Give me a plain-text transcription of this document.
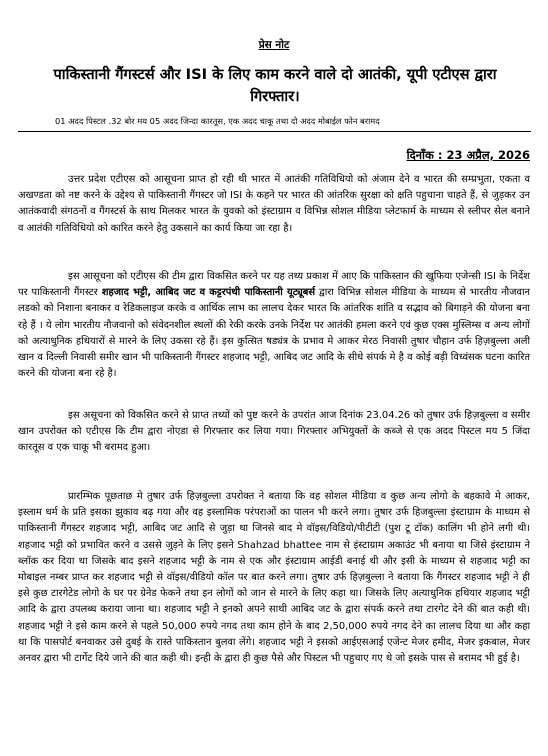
प्रेस नोट
पाकिस्तानी गैंगस्टर्स और ISI के लिए काम करने वाले दो आतंकी, यूपी एटीएस द्वारा गिरफ्तार।
01 अदद पिस्टल .32 बोर मय 05 अदद जिन्दा कारतूस, एक अदद चाकू तथा दो अदद मोबाईल फोन बरामद
दिनाँक : 23 अप्रैल, 2026

उत्तर प्रदेश एटीएस को आसूचना प्राप्त हो रही थी भारत में आतंकी गतिविधियो को अंजाम देने व भारत की सम्प्रभुता, एकता व अखण्डता को नष्ट करने के उद्देश्य से पाकिस्तानी गैंगस्टर जो ISI के कहने पर भारत की आंतरिक सुरक्षा को क्षति पहुचाना चाहते हैं, से जुड़कर उन आतंकवादी संगठनों व गैंगस्टर्स के साथ मिलकर भारत के युवको को इंस्टाग्राम व विभिन्न सोशल मीडिया प्लेटफार्म के माध्यम से स्लीपर सेल बनाने व आतंकी गतिविधियो को कारित करने हेतु उकसाने का कार्य किया जा रहा है।

इस आसूचना को एटीएस की टीम द्वारा विकसित करने पर यह तथ्य प्रकाश में आए कि पाकिस्तान की खुफिया एजेन्सी ISI के निर्देश पर पाकिस्तानी गैंगस्टर शहजाद भट्टी, आबिद जट व कट्टरपंथी पाकिस्तानी यूट्यूबर्स द्वारा विभिन्न सोशल मीडिया के माध्यम से भारतीय नौजवान लडको को निशाना बनाकर व रेडिकलाइज करके व आर्थिक लाभ का लालच देकर भारत कि आंतरिक शांति व सद्भाव को बिगाड़ने की योजना बना रहे हैं । ये लोग भारतीय नौजवानो को संवेदनशील स्थलों की रेकी करके उनके निर्देश पर आतंकी हमला करने एवं कुछ एक्स मुस्लिम्स व अन्य लोगों को अत्याधुनिक हथियारों से मारने के लिए उकसा रहे हैं। इस कुत्सित षड्यंत्र के प्रभाव मे आकर मेरठ निवासी तुषार चौहान उर्फ हिज़बुल्ला अली खान व दिल्ली निवासी समीर खान भी पाकिस्तानी गैंगस्टर शहजाद भट्टी, आबिद जट आदि के सीधे संपर्क मे है व कोई बड़ी विध्वंसक घटना कारित करने की योजना बना रहे है।

इस असूचना को विकसित करने से प्राप्त तथ्यों को पुष्ट करने के उपरांत आज दिनांक 23.04.26 को तुषार उर्फ हिज़बुल्ला व समीर खान उपरोक्त को एटीएस कि टीम द्वारा नोएडा से गिरफ्तार कर लिया गया। गिरफ्तार अभियुक्तों के कब्जे से एक अदद पिस्टल मय 5 जिंदा कारतूस व एक चाकू भी बरामद हुआ।

प्रारम्भिक पूछताछ मे तुषार उर्फ हिज़बुल्ला उपरोक्त ने बताया कि वह सोशल मीडिया व कुछ अन्य लोगो के बहकावे मे आकर, इस्लाम धर्म के प्रति इसका झुकाव बढ़ गया और वह इस्लामिक परंपराओं का पालन भी करने लगा। तुषार उर्फ हिजबुल्ला इंस्टाग्राम के माध्यम से पाकिस्तानी गैंगस्टर शहजाद भट्टी, आबिद जट आदि से जुड़ा था जिनसे बाद मे वॉइस/विडियो/पीटीटी (पुश टू टॉक) कालिंग भी होने लगी थी। शहजाद भट्टी को प्रभावित करने व उससे जुड़ने के लिए इसने Shahzad bhattee नाम से इंस्टाग्राम अकाउंट भी बनाया था जिसे इंस्टाग्राम ने ब्लॉक कर दिया था जिसके बाद इसने शहजाद भट्टी के नाम से एक और इंस्टाग्राम आईडी बनाई थी और इसी के माध्यम से शहजाद भट्टी का मोबाइल नम्बर प्राप्त कर शहजाद भट्टी से वॉइस/वीडियो कॉल पर बात करने लगा। तुषार उर्फ हिज़बुल्ला ने बताया कि गैंगस्टर शहजाद भट्टी ने ही इसे कुछ टारगेटेड लोगो के घर पर ग्रेनेड फेकने तथा इन लोगों को जान से मारने के लिए कहा था। जिसके लिए अत्याधुनिक हथियार शहजाद भट्टी आदि के द्वारा उपलब्ध कराया जाना था। शहजाद भट्टी ने इनको अपने साथी आबिद जट के द्वारा संपर्क करने तथा टारगेट देने की बात कही थी। शहजाद भट्टी ने इसे काम करने से पहले 50,000 रुपये नगद तथा काम होने के बाद 2,50,000 रुपये नगद देने का लालच दिया था और कहा था कि पासपोर्ट बनवाकर उसे दुबई के रास्ते पाकिस्तान बुलवा लेंगे। शहजाद भट्टी ने इसको आईएसआई एजेन्ट मेजर हमीद, मेजर इकबाल, मेजर अनवर द्वारा भी टार्गेट दिये जाने की बात कही थी। इन्ही के द्वारा ही कुछ पैसे और पिस्टल भी पहुचाए गए थे जो इसके पास से बरामद भी हुई है।
